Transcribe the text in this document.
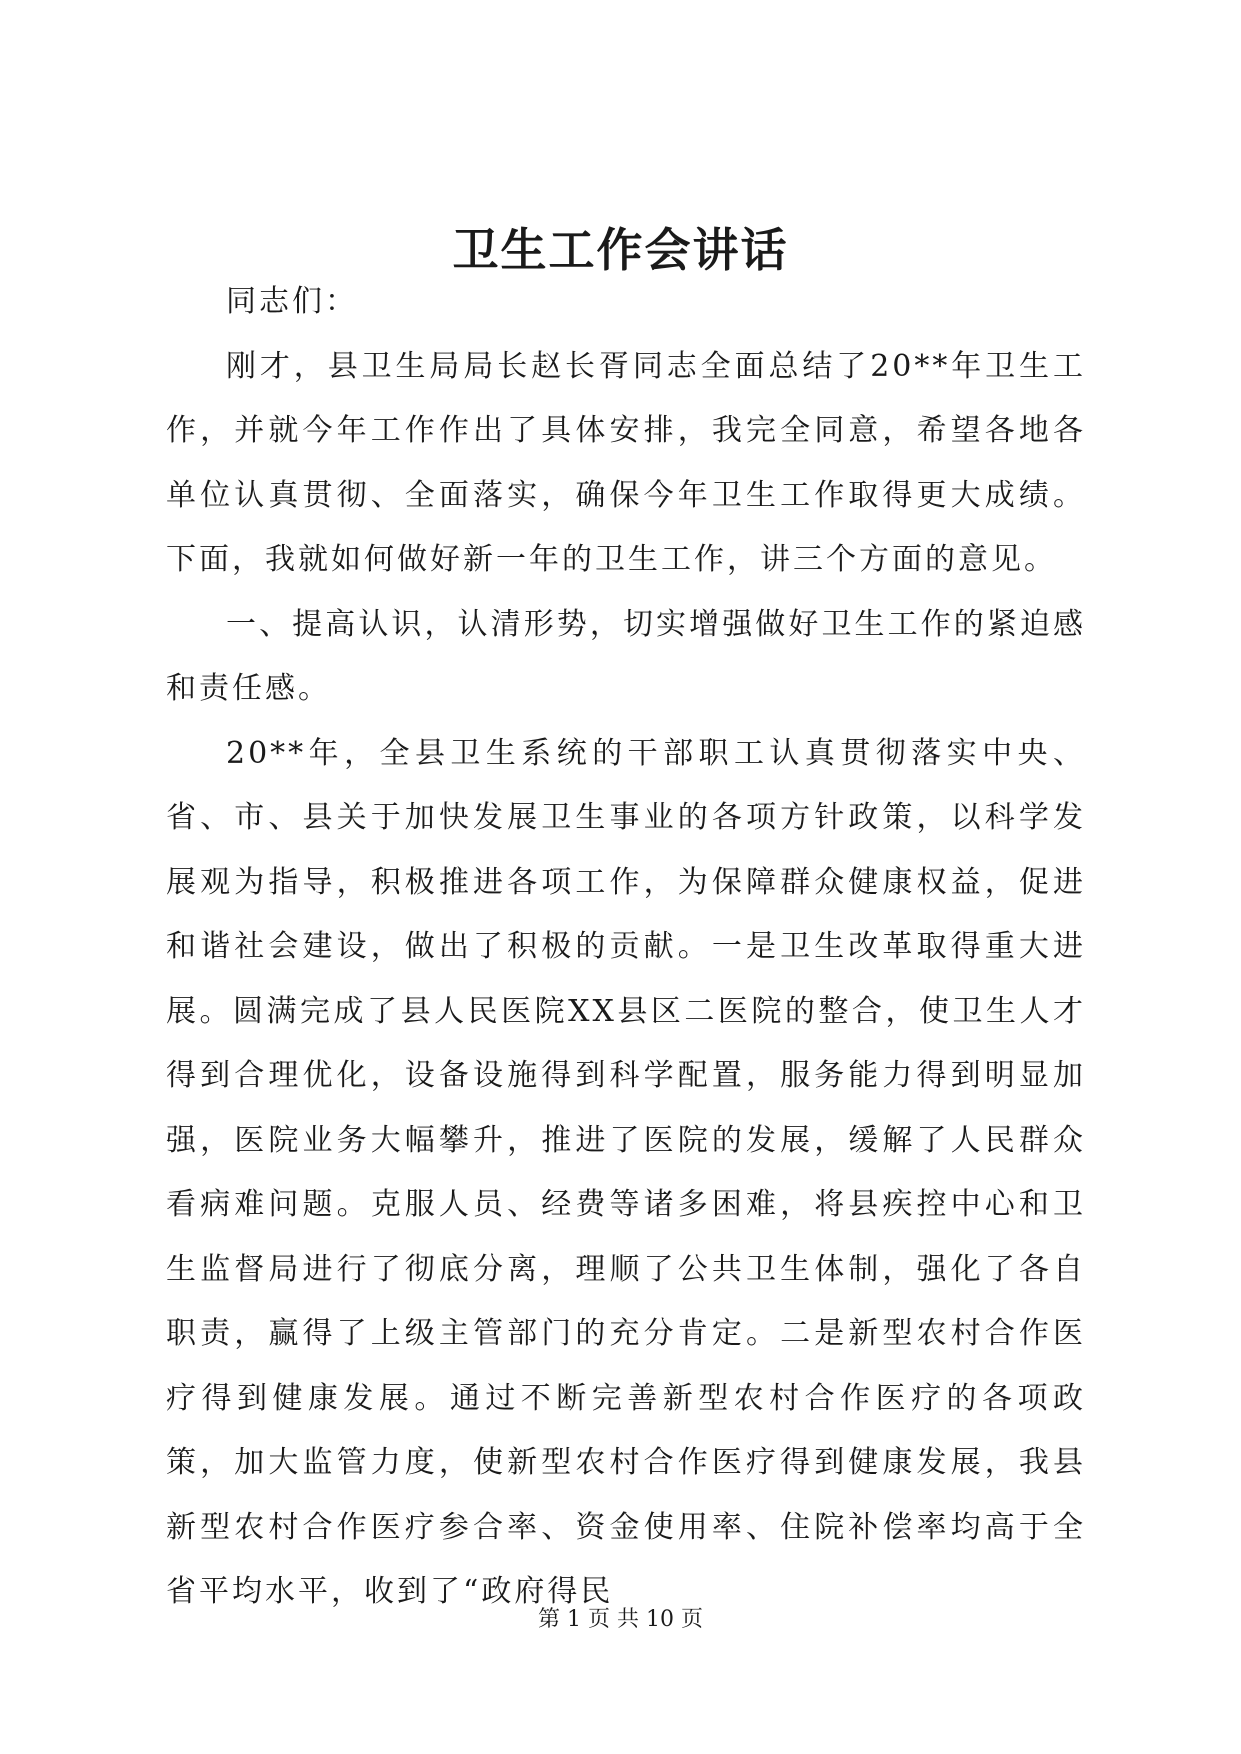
卫生工作会讲话

同志们：

刚才，县卫生局局长赵长胥同志全面总结了20**年卫生工作，并就今年工作作出了具体安排，我完全同意，希望各地各单位认真贯彻、全面落实，确保今年卫生工作取得更大成绩。下面，我就如何做好新一年的卫生工作，讲三个方面的意见。

一、提高认识，认清形势，切实增强做好卫生工作的紧迫感和责任感。

20**年，全县卫生系统的干部职工认真贯彻落实中央、省、市、县关于加快发展卫生事业的各项方针政策，以科学发展观为指导，积极推进各项工作，为保障群众健康权益，促进和谐社会建设，做出了积极的贡献。一是卫生改革取得重大进展。圆满完成了县人民医院XX县区二医院的整合，使卫生人才得到合理优化，设备设施得到科学配置，服务能力得到明显加强，医院业务大幅攀升，推进了医院的发展，缓解了人民群众看病难问题。克服人员、经费等诸多困难，将县疾控中心和卫生监督局进行了彻底分离，理顺了公共卫生体制，强化了各自职责，赢得了上级主管部门的充分肯定。二是新型农村合作医疗得到健康发展。通过不断完善新型农村合作医疗的各项政策，加大监管力度，使新型农村合作医疗得到健康发展，我县新型农村合作医疗参合率、资金使用率、住院补偿率均高于全省平均水平，收到了“政府得民

第 1 页 共 10 页
